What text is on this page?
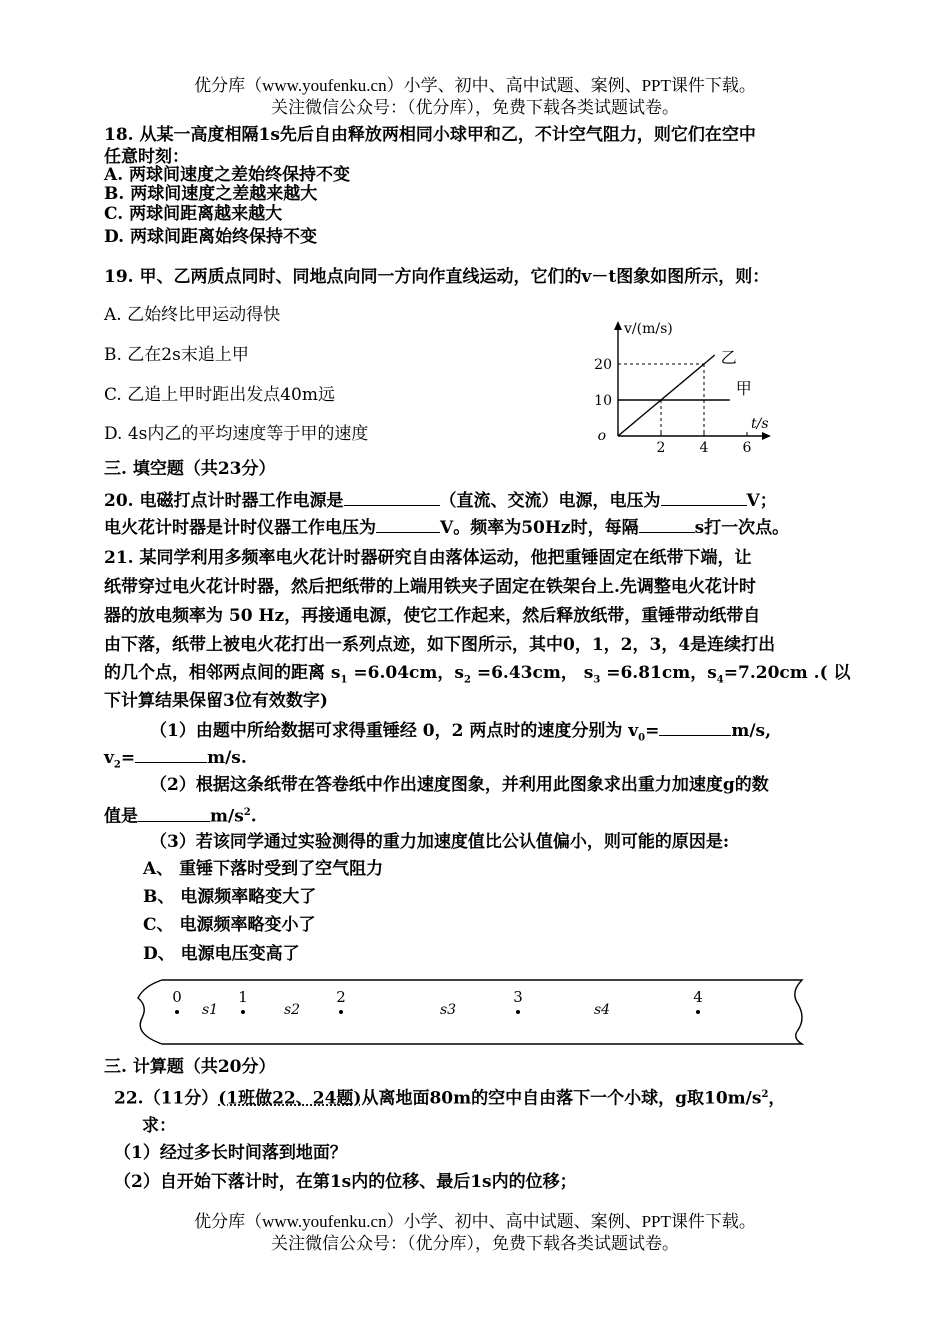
优分库（www.youfenku.cn）小学、初中、高中试题、案例、PPT课件下载。
关注微信公众号：（优分库），免费下载各类试题试卷。
18. 从某一高度相隔1s先后自由释放两相同小球甲和乙，不计空气阻力，则它们在空中
任意时刻：
A. 两球间速度之差始终保持不变
B. 两球间速度之差越来越大
C. 两球间距离越来越大
D. 两球间距离始终保持不变
19. 甲、乙两质点同时、同地点向同一方向作直线运动，它们的v－t图象如图所示，则：
A. 乙始终比甲运动得快
B. 乙在2s末追上甲
C. 乙追上甲时距出发点40m远
D. 4s内乙的平均速度等于甲的速度
乙
甲
2 4 6
10
20
o
v/(m/s)
t/s
三. 填空题（共23分）
20. 电磁打点计时器工作电源是	（直流、交流）电源，电压为	V；
电火花计时器是计时仪器工作电压为	V。频率为50Hz时，每隔	s打一次点。
21. 某同学利用多频率电火花计时器研究自由落体运动，他把重锤固定在纸带下端，让
纸带穿过电火花计时器，然后把纸带的上端用铁夹子固定在铁架台上.先调整电火花计时
器的放电频率为 50 Hz，再接通电源，使它工作起来，然后释放纸带，重锤带动纸带自
由下落，纸带上被电火花打出一系列点迹，如下图所示，其中0，1，2，3，4是连续打出
的几个点，相邻两点间的距离 $s_1 =6.04cm$，$s_2 =6.43cm$， $s_3 =6.81cm$，$s_4=7.20cm$ .( 以
下计算结果保留3位有效数字)
（1）由题中所给数据可求得重锤经 0，2 两点时的速度分别为 $v_0=$	m/s,
$v_2=$	m/s.
（2）根据这条纸带在答卷纸中作出速度图象，并利用此图象求出重力加速度g的数
值是	$m/s^2$.
（3）若该同学通过实验测得的重力加速度值比公认值偏小，则可能的原因是:
A、 重锤下落时受到了空气阻力
B、 电源频率略变大了
C、 电源频率略变小了
D、 电源电压变高了
0	1	2	3	4
s1	s2	s3	s4
三. 计算题（共20分）
22.（11分）(1班做22、24题)从离地面80m的空中自由落下一个小球，g取$10m/s^2$，
求：
（1）经过多长时间落到地面？
（2）自开始下落计时，在第1s内的位移、最后1s内的位移；
优分库（www.youfenku.cn）小学、初中、高中试题、案例、PPT课件下载。
关注微信公众号：（优分库），免费下载各类试题试卷。
